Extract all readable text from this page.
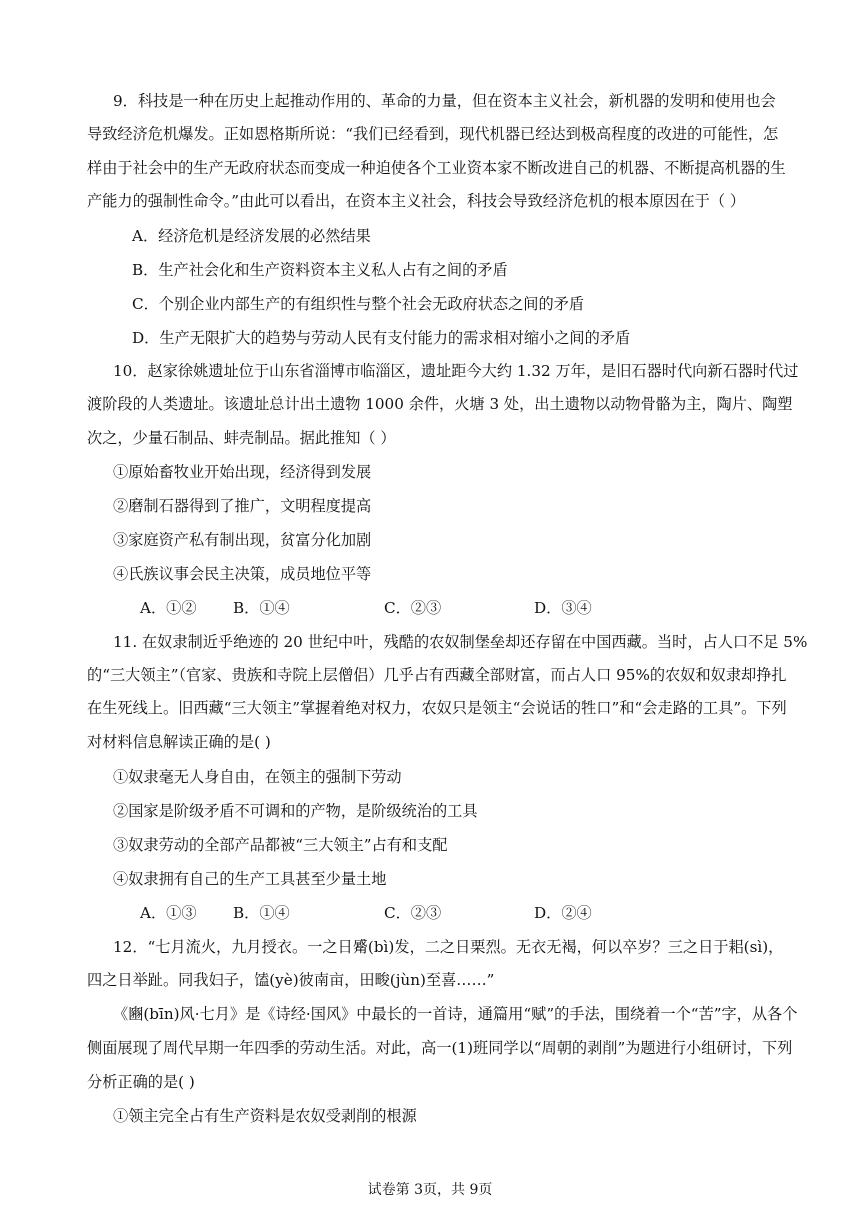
9．科技是一种在历史上起推动作用的、革命的力量，但在资本主义社会，新机器的发明和使用也会
导致经济危机爆发。正如恩格斯所说：“我们已经看到，现代机器已经达到极高程度的改进的可能性，怎
样由于社会中的生产无政府状态而变成一种迫使各个工业资本家不断改进自己的机器、不断提高机器的生
产能力的强制性命令。”由此可以看出，在资本主义社会，科技会导致经济危机的根本原因在于（ ）
A．经济危机是经济发展的必然结果
B．生产社会化和生产资料资本主义私人占有之间的矛盾
C．个别企业内部生产的有组织性与整个社会无政府状态之间的矛盾
D．生产无限扩大的趋势与劳动人民有支付能力的需求相对缩小之间的矛盾
10．赵家徐姚遗址位于山东省淄博市临淄区，遗址距今大约 1.32 万年，是旧石器时代向新石器时代过
渡阶段的人类遗址。该遗址总计出土遗物 1000 余件，火塘 3 处，出土遗物以动物骨骼为主，陶片、陶塑
次之，少量石制品、蚌壳制品。据此推知（ ）
①原始畜牧业开始出现，经济得到发展
②磨制石器得到了推广，文明程度提高
③家庭资产私有制出现，贫富分化加剧
④氏族议事会民主决策，成员地位平等
A．①② B．①④	C．②③	D．③④
11. 在奴隶制近乎绝迹的 20 世纪中叶，残酷的农奴制堡垒却还存留在中国西藏。当时，占人口不足 5%
的“三大领主”（官家、贵族和寺院上层僧侣）几乎占有西藏全部财富，而占人口 95%的农奴和奴隶却挣扎
在生死线上。旧西藏“三大领主”掌握着绝对权力，农奴只是领主“会说话的牲口”和“会走路的工具”。下列
对材料信息解读正确的是( )
①奴隶毫无人身自由，在领主的强制下劳动
②国家是阶级矛盾不可调和的产物，是阶级统治的工具
③奴隶劳动的全部产品都被“三大领主”占有和支配
④奴隶拥有自己的生产工具甚至少量土地
A．①③ B．①④	C．②③	D．②④
12．“七月流火，九月授衣。一之日觱(bì)发，二之日栗烈。无衣无褐，何以卒岁？三之日于耜(sì)，
四之日举趾。同我妇子，馌(yè)彼南亩，田畯(jùn)至喜……”
《豳(bīn)风·七月》是《诗经·国风》中最长的一首诗，通篇用“赋”的手法，围绕着一个“苦”字，从各个
侧面展现了周代早期一年四季的劳动生活。对此，高一(1)班同学以“周朝的剥削”为题进行小组研讨，下列
分析正确的是( )
①领主完全占有生产资料是农奴受剥削的根源
试卷第 3页，共 9页
